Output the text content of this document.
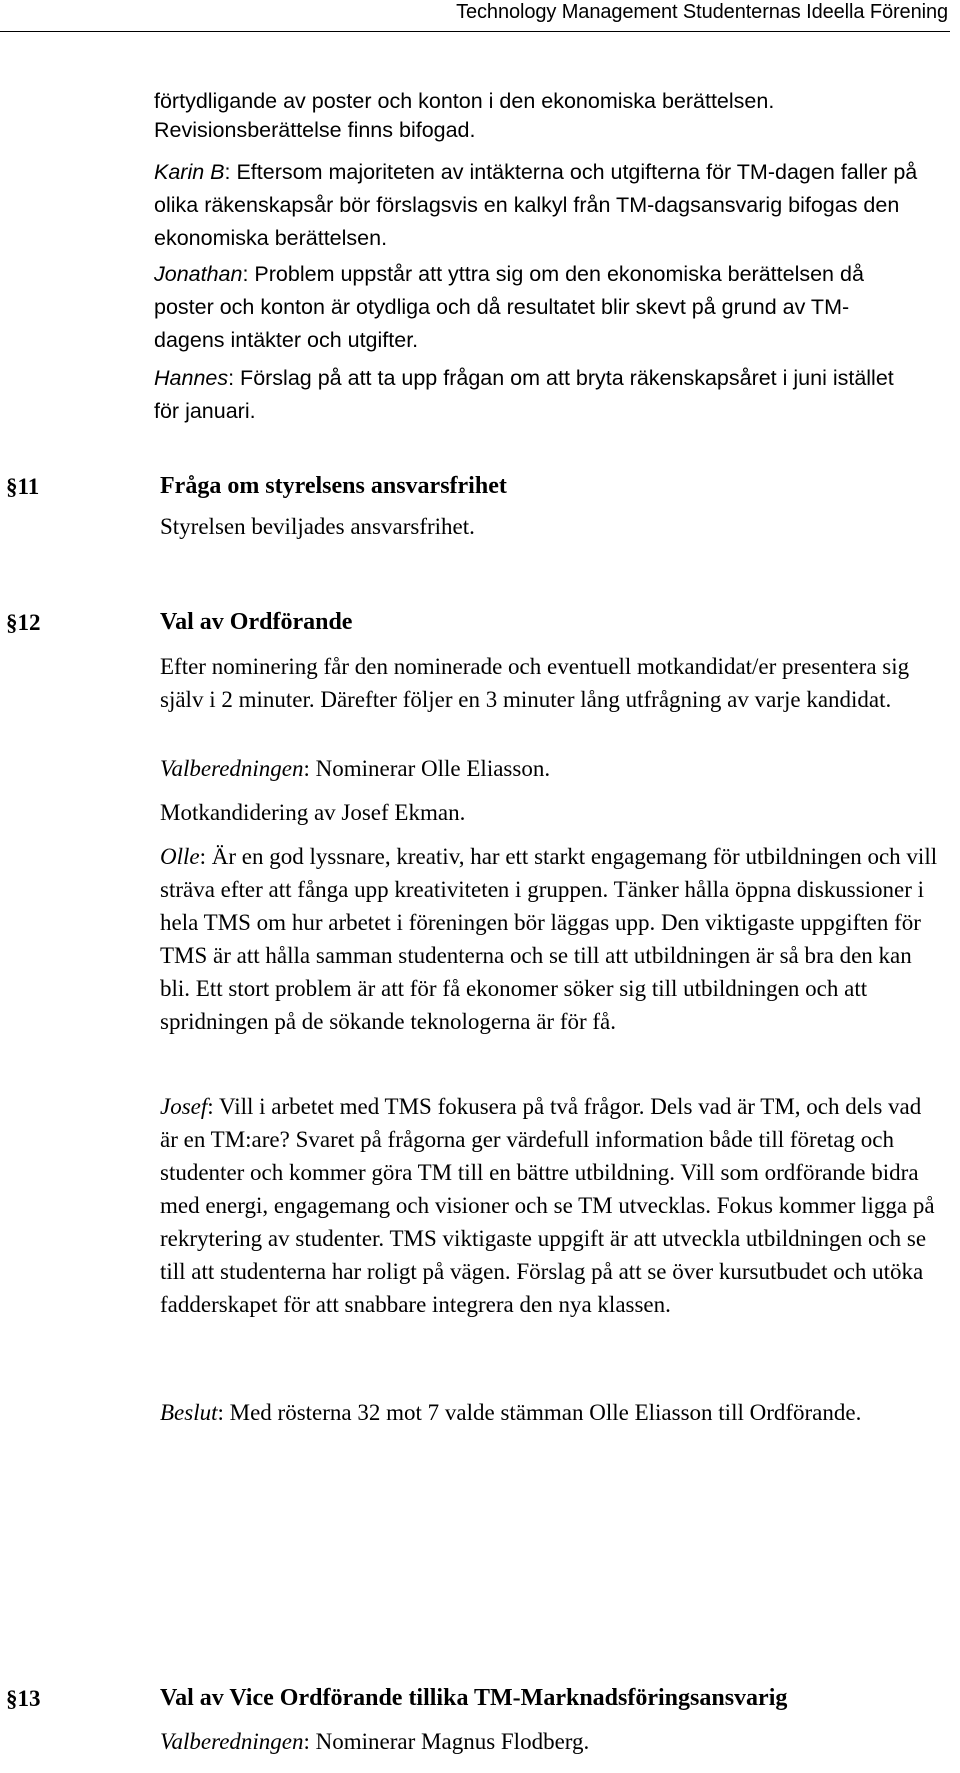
Technology Management Studenternas Ideella Förening

förtydligande av poster och konton i den ekonomiska berättelsen.

Revisionsberättelse finns bifogad.

Karin B: Eftersom majoriteten av intäkterna och utgifterna för TM-dagen faller på olika räkenskapsår bör förslagsvis en kalkyl från TM-dagsansvarig bifogas den ekonomiska berättelsen.

Jonathan: Problem uppstår att yttra sig om den ekonomiska berättelsen då poster och konton är otydliga och då resultatet blir skevt på grund av TM-dagens intäkter och utgifter.

Hannes: Förslag på att ta upp frågan om att bryta räkenskapsåret i juni istället för januari.

§11	Fråga om styrelsens ansvarsfrihet

Styrelsen beviljades ansvarsfrihet.

§12	Val av Ordförande

Efter nominering får den nominerade och eventuell motkandidat/er presentera sig själv i 2 minuter. Därefter följer en 3 minuter lång utfrågning av varje kandidat.

Valberedningen: Nominerar Olle Eliasson.

Motkandidering av Josef Ekman.

Olle: Är en god lyssnare, kreativ, har ett starkt engagemang för utbildningen och vill sträva efter att fånga upp kreativiteten i gruppen. Tänker hålla öppna diskussioner i hela TMS om hur arbetet i föreningen bör läggas upp. Den viktigaste uppgiften för TMS är att hålla samman studenterna och se till att utbildningen är så bra den kan bli. Ett stort problem är att för få ekonomer söker sig till utbildningen och att spridningen på de sökande teknologerna är för få.

Josef: Vill i arbetet med TMS fokusera på två frågor. Dels vad är TM, och dels vad är en TM:are? Svaret på frågorna ger värdefull information både till företag och studenter och kommer göra TM till en bättre utbildning. Vill som ordförande bidra med energi, engagemang och visioner och se TM utvecklas. Fokus kommer ligga på rekrytering av studenter. TMS viktigaste uppgift är att utveckla utbildningen och se till att studenterna har roligt på vägen. Förslag på att se över kursutbudet och utöka fadderskapet för att snabbare integrera den nya klassen.

Beslut: Med rösterna 32 mot 7 valde stämman Olle Eliasson till Ordförande.

§13	Val av Vice Ordförande tillika TM-Marknadsföringsansvarig

Valberedningen: Nominerar Magnus Flodberg.
